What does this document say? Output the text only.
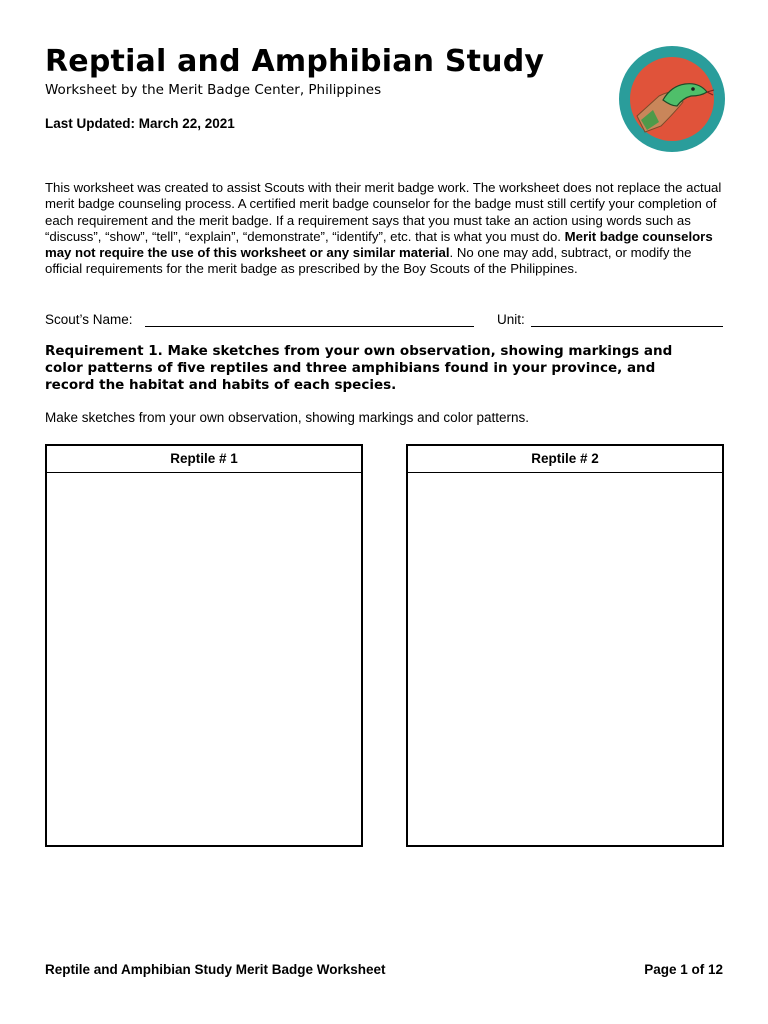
Reptial and Amphibian Study
Worksheet by the Merit Badge Center, Philippines
Last Updated: March 22, 2021

This worksheet was created to assist Scouts with their merit badge work. The worksheet does not replace the actual merit badge counseling process. A certified merit badge counselor for the badge must still certify your completion of each requirement and the merit badge. If a requirement says that you must take an action using words such as “discuss”, “show”, “tell”, “explain”, “demonstrate”, “identify”, etc. that is what you must do. Merit badge counselors may not require the use of this worksheet or any similar material. No one may add, subtract, or modify the official requirements for the merit badge as prescribed by the Boy Scouts of the Philippines.

Scout’s Name:	Unit:

Requirement 1. Make sketches from your own observation, showing markings and color patterns of five reptiles and three amphibians found in your province, and record the habitat and habits of each species.

Make sketches from your own observation, showing markings and color patterns.
Reptile # 1	Reptile # 2
Reptile and Amphibian Study Merit Badge Worksheet	Page 1 of 12
